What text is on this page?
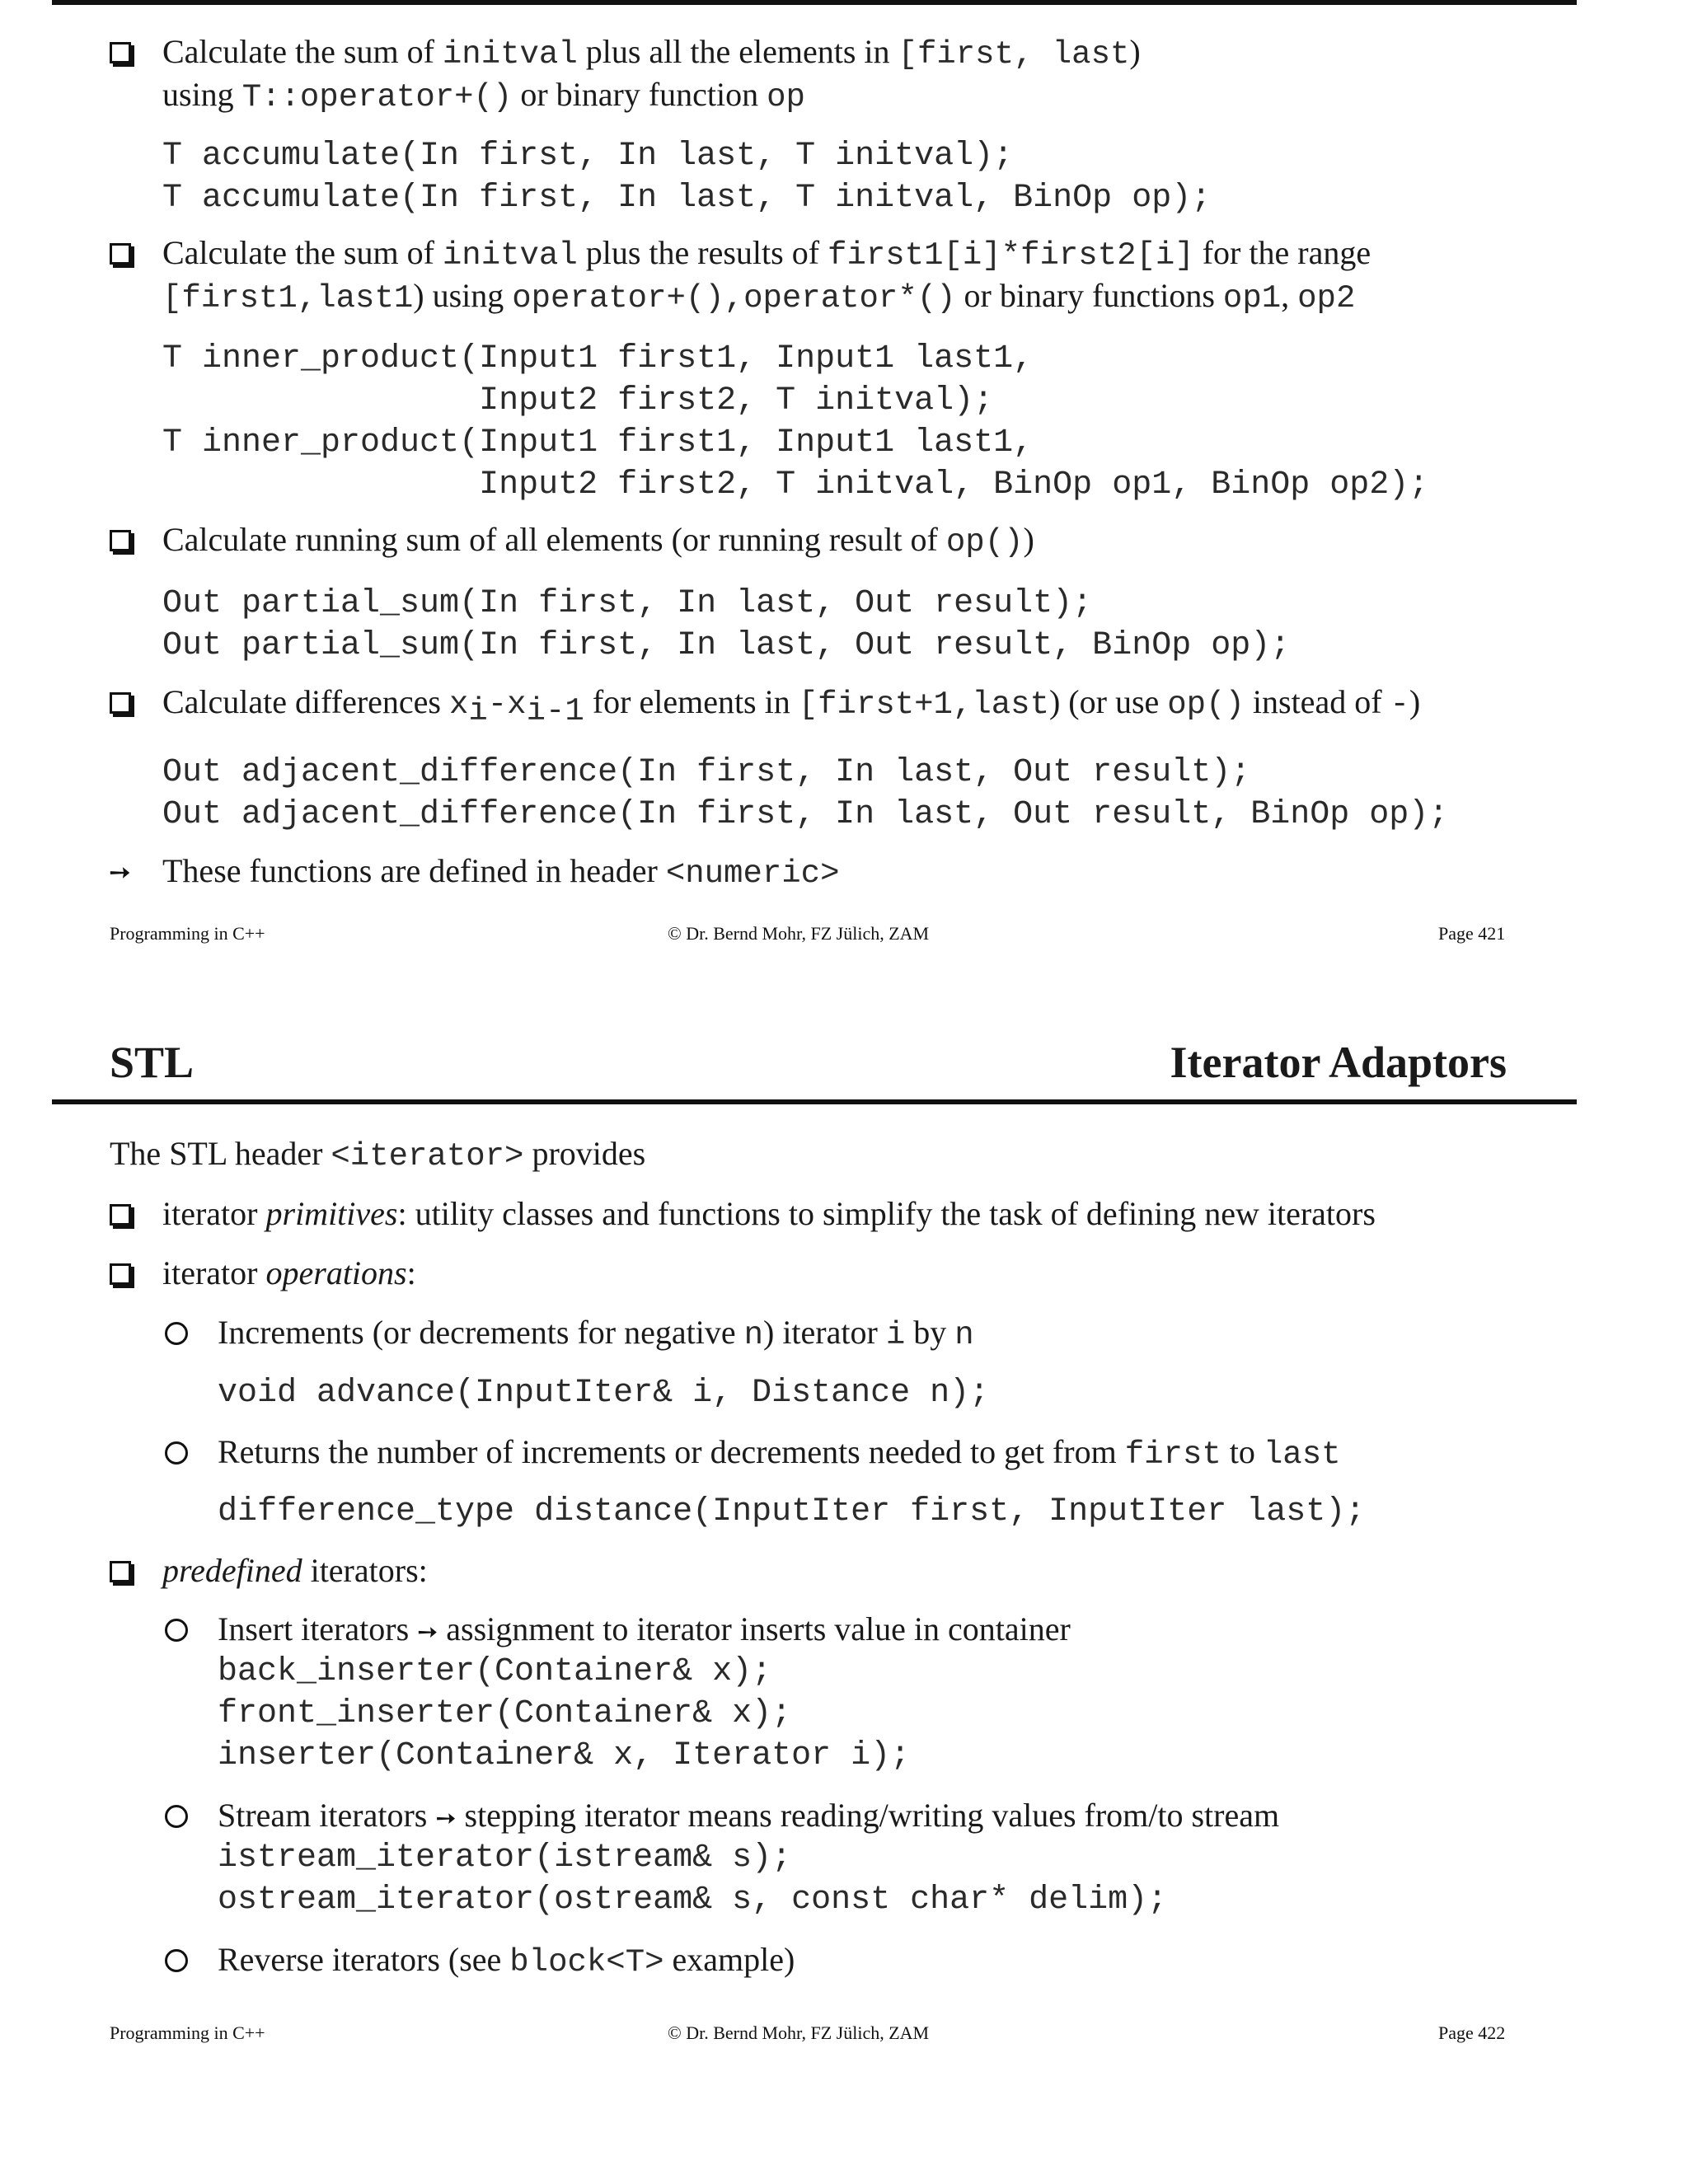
Calculate the sum of initval plus all the elements in [first, last)
using T::operator+() or binary function op
T accumulate(In first, In last, T initval);
T accumulate(In first, In last, T initval, BinOp op);
Calculate the sum of initval plus the results of first1[i]*first2[i] for the range
[first1,last1) using operator+(),operator*() or binary functions op1, op2
T inner_product(Input1 first1, Input1 last1,
Input2 first2, T initval);
T inner_product(Input1 first1, Input1 last1,
Input2 first2, T initval, BinOp op1, BinOp op2);
Calculate running sum of all elements (or running result of op())
Out partial_sum(In first, In last, Out result);
Out partial_sum(In first, In last, Out result, BinOp op);
Calculate differences $x_i-x_{i-1}$ for elements in [first+1,last) (or use op() instead of -)
Out adjacent_difference(In first, In last, Out result);
Out adjacent_difference(In first, In last, Out result, BinOp op);
➙ These functions are defined in header <numeric>
Programming in C++	© Dr. Bernd Mohr, FZ Jülich, ZAM	Page 421
STL	Iterator Adaptors
The STL header <iterator> provides
iterator primitives: utility classes and functions to simplify the task of defining new iterators
iterator operations:
Increments (or decrements for negative n) iterator i by n
void advance(InputIter& i, Distance n);
Returns the number of increments or decrements needed to get from first to last
difference_type distance(InputIter first, InputIter last);
predefined iterators:
Insert iterators ➙ assignment to iterator inserts value in container
back_inserter(Container& x);
front_inserter(Container& x);
inserter(Container& x, Iterator i);
Stream iterators ➙ stepping iterator means reading/writing values from/to stream
istream_iterator(istream& s);
ostream_iterator(ostream& s, const char* delim);
Reverse iterators (see block<T> example)
Programming in C++	© Dr. Bernd Mohr, FZ Jülich, ZAM	Page 422
